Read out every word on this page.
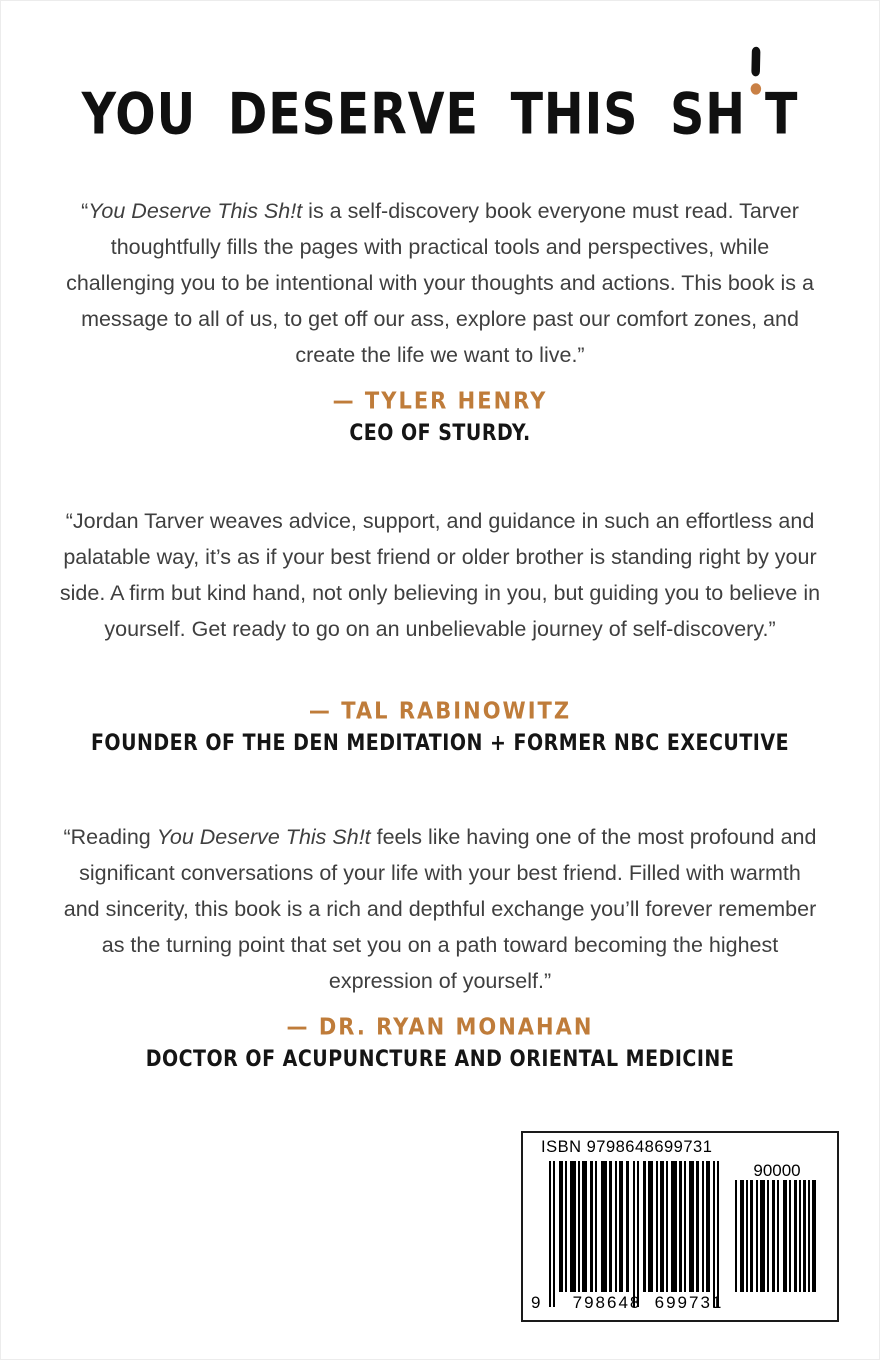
YOU DESERVE THIS SH T

“You Deserve This Sh!t is a self-discovery book everyone must read. Tarver thoughtfully fills the pages with practical tools and perspectives, while challenging you to be intentional with your thoughts and actions. This book is a message to all of us, to get off our ass, explore past our comfort zones, and create the life we want to live.”

— TYLER HENRY
CEO OF STURDY.

“Jordan Tarver weaves advice, support, and guidance in such an effortless and palatable way, it’s as if your best friend or older brother is standing right by your side. A firm but kind hand, not only believing in you, but guiding you to believe in yourself. Get ready to go on an unbelievable journey of self-discovery.”

— TAL RABINOWITZ
FOUNDER OF THE DEN MEDITATION + FORMER NBC EXECUTIVE

“Reading You Deserve This Sh!t feels like having one of the most profound and significant conversations of your life with your best friend. Filled with warmth and sincerity, this book is a rich and depthful exchange you’ll forever remember as the turning point that set you on a path toward becoming the highest expression of yourself.”

— DR. RYAN MONAHAN
DOCTOR OF ACUPUNCTURE AND ORIENTAL MEDICINE
ISBN 9798648699731
90000
9 798648 699731
